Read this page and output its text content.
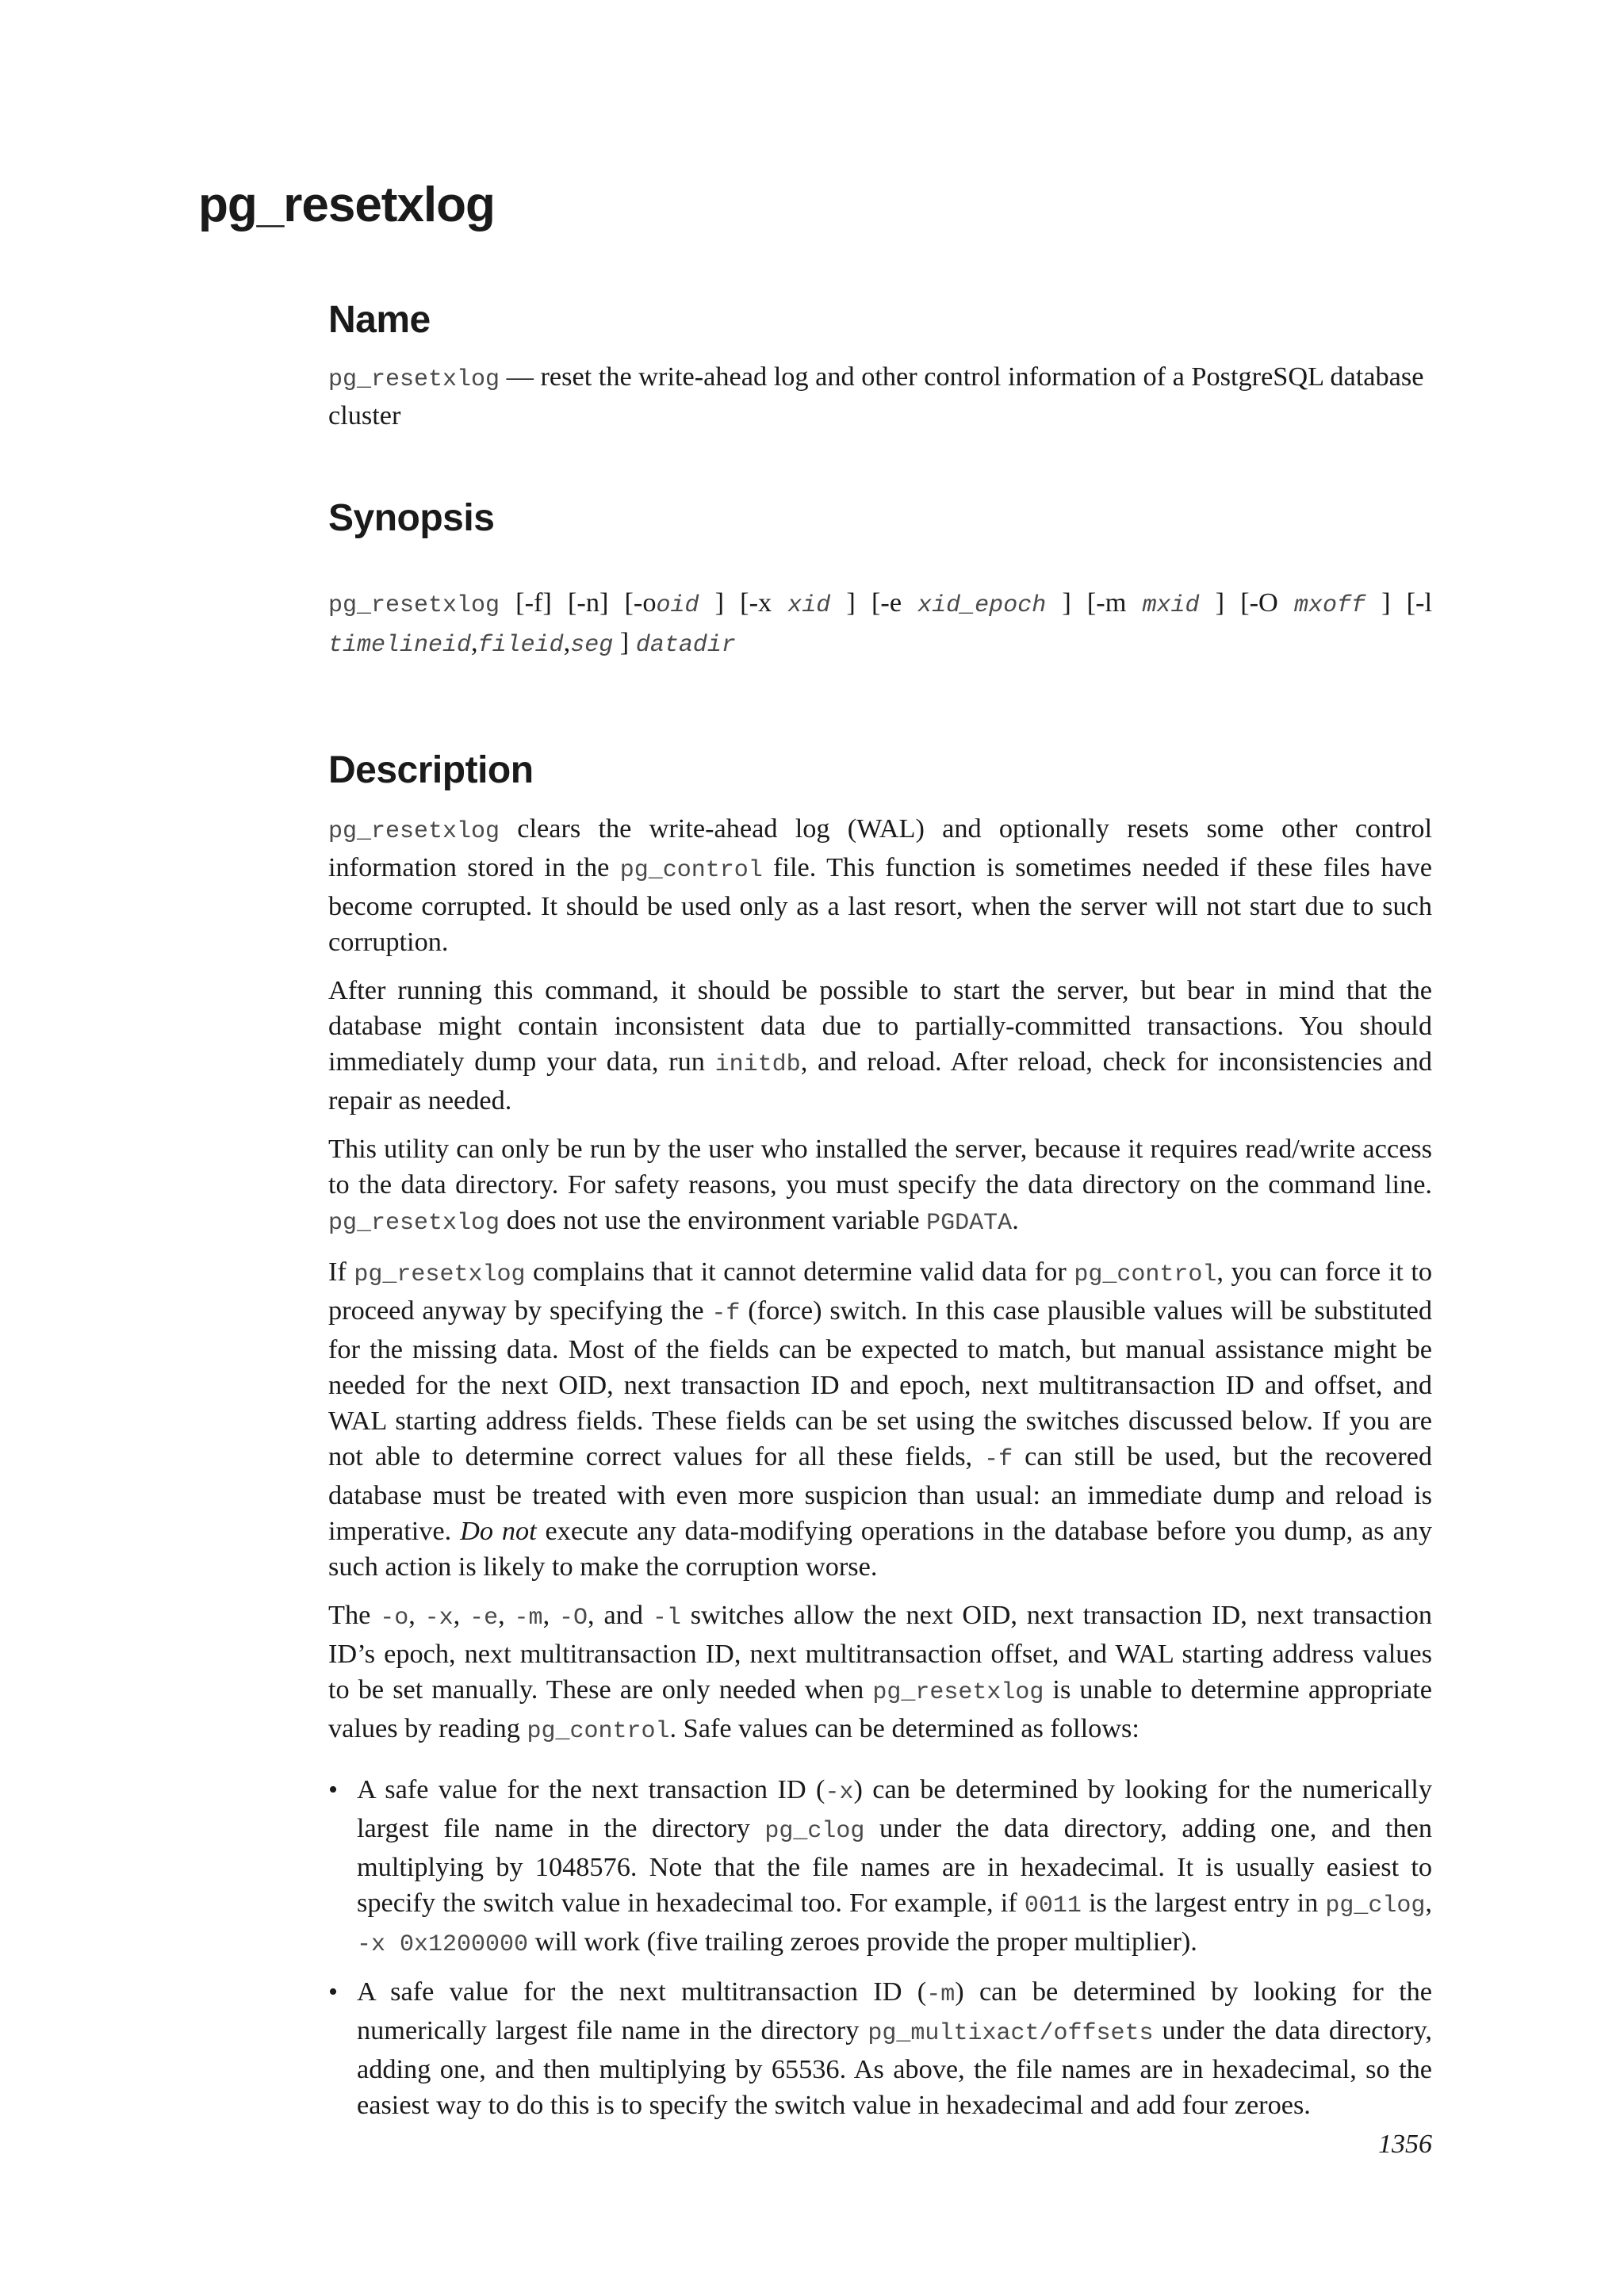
pg_resetxlog
Name

pg_resetxlog — reset the write-ahead log and other control information of a PostgreSQL database cluster

Synopsis

pg_resetxlog [-f] [-n] [-ooid ] [-x xid ] [-e xid_epoch ] [-m mxid ] [-O mxoff ] [-l timelineid,fileid,seg ] datadir

Description

pg_resetxlog clears the write-ahead log (WAL) and optionally resets some other control information stored in the pg_control file. This function is sometimes needed if these files have become corrupted. It should be used only as a last resort, when the server will not start due to such corruption.

After running this command, it should be possible to start the server, but bear in mind that the database might contain inconsistent data due to partially-committed transactions. You should immediately dump your data, run initdb, and reload. After reload, check for inconsistencies and repair as needed.

This utility can only be run by the user who installed the server, because it requires read/write access to the data directory. For safety reasons, you must specify the data directory on the command line. pg_resetxlog does not use the environment variable PGDATA.

If pg_resetxlog complains that it cannot determine valid data for pg_control, you can force it to proceed anyway by specifying the -f (force) switch. In this case plausible values will be substituted for the missing data. Most of the fields can be expected to match, but manual assistance might be needed for the next OID, next transaction ID and epoch, next multitransaction ID and offset, and WAL starting address fields. These fields can be set using the switches discussed below. If you are not able to determine correct values for all these fields, -f can still be used, but the recovered database must be treated with even more suspicion than usual: an immediate dump and reload is imperative. Do not execute any data-modifying operations in the database before you dump, as any such action is likely to make the corruption worse.

The -o, -x, -e, -m, -O, and -l switches allow the next OID, next transaction ID, next transaction ID’s epoch, next multitransaction ID, next multitransaction offset, and WAL starting address values to be set manually. These are only needed when pg_resetxlog is unable to determine appropriate values by reading pg_control. Safe values can be determined as follows:

• A safe value for the next transaction ID (-x) can be determined by looking for the numerically largest file name in the directory pg_clog under the data directory, adding one, and then multiplying by 1048576. Note that the file names are in hexadecimal. It is usually easiest to specify the switch value in hexadecimal too. For example, if 0011 is the largest entry in pg_clog, -x 0x1200000 will work (five trailing zeroes provide the proper multiplier).
• A safe value for the next multitransaction ID (-m) can be determined by looking for the numerically largest file name in the directory pg_multixact/offsets under the data directory, adding one, and then multiplying by 65536. As above, the file names are in hexadecimal, so the easiest way to do this is to specify the switch value in hexadecimal and add four zeroes.
1356
